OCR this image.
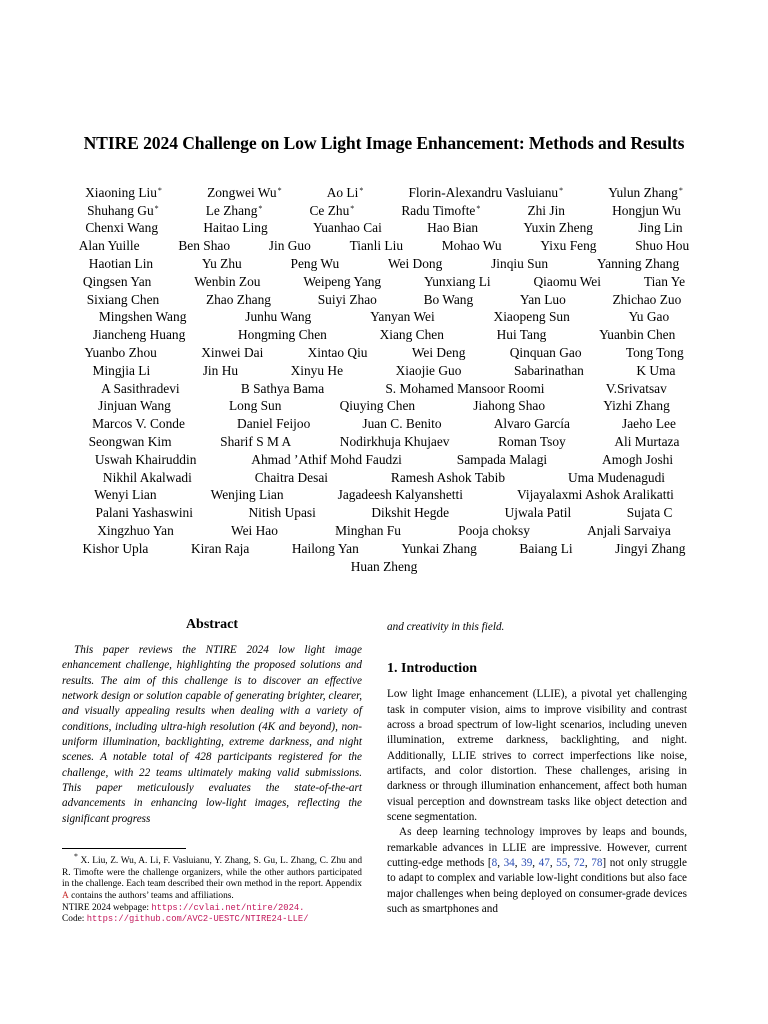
NTIRE 2024 Challenge on Low Light Image Enhancement: Methods and Results
Xiaoning Liu*	Zongwei Wu*	Ao Li*	Florin-Alexandru Vasluianu*	Yulun Zhang*
Shuhang Gu*	Le Zhang*	Ce Zhu*	Radu Timofte*	Zhi Jin	Hongjun Wu
Chenxi Wang	Haitao Ling	Yuanhao Cai	Hao Bian	Yuxin Zheng	Jing Lin
Alan Yuille	Ben Shao	Jin Guo	Tianli Liu	Mohao Wu	Yixu Feng	Shuo Hou
Haotian Lin	Yu Zhu	Peng Wu	Wei Dong	Jinqiu Sun	Yanning Zhang
Qingsen Yan	Wenbin Zou	Weipeng Yang	Yunxiang Li	Qiaomu Wei	Tian Ye
Sixiang Chen	Zhao Zhang	Suiyi Zhao	Bo Wang	Yan Luo	Zhichao Zuo
Mingshen Wang	Junhu Wang	Yanyan Wei	Xiaopeng Sun	Yu Gao
Jiancheng Huang	Hongming Chen	Xiang Chen	Hui Tang	Yuanbin Chen
Yuanbo Zhou	Xinwei Dai	Xintao Qiu	Wei Deng	Qinquan Gao	Tong Tong
Mingjia Li	Jin Hu	Xinyu He	Xiaojie Guo	Sabarinathan	K Uma
A Sasithradevi	B Sathya Bama	S. Mohamed Mansoor Roomi	V.Srivatsav
Jinjuan Wang	Long Sun	Qiuying Chen	Jiahong Shao	Yizhi Zhang
Marcos V. Conde	Daniel Feijoo	Juan C. Benito	Alvaro García	Jaeho Lee
Seongwan Kim	Sharif S M A	Nodirkhuja Khujaev	Roman Tsoy	Ali Murtaza
Uswah Khairuddin	Ahmad ’Athif Mohd Faudzi	Sampada Malagi	Amogh Joshi
Nikhil Akalwadi	Chaitra Desai	Ramesh Ashok Tabib	Uma Mudenagudi
Wenyi Lian	Wenjing Lian	Jagadeesh Kalyanshetti	Vijayalaxmi Ashok Aralikatti
Palani Yashaswini	Nitish Upasi	Dikshit Hegde	Ujwala Patil	Sujata C
Xingzhuo Yan	Wei Hao	Minghan Fu	Pooja choksy	Anjali Sarvaiya
Kishor Upla	Kiran Raja	Hailong Yan	Yunkai Zhang	Baiang Li	Jingyi Zhang
Huan Zheng
Abstract

This paper reviews the NTIRE 2024 low light image enhancement challenge, highlighting the proposed solutions and results. The aim of this challenge is to discover an effective network design or solution capable of generating brighter, clearer, and visually appealing results when dealing with a variety of conditions, including ultra-high resolution (4K and beyond), non-uniform illumination, backlighting, extreme darkness, and night scenes. A notable total of 428 participants registered for the challenge, with 22 teams ultimately making valid submissions. This paper meticulously evaluates the state-of-the-art advancements in enhancing low-light images, reflecting the significant progress

* X. Liu, Z. Wu, A. Li, F. Vasluianu, Y. Zhang, S. Gu, L. Zhang, C. Zhu and R. Timofte were the challenge organizers, while the other authors participated in the challenge. Each team described their own method in the report. Appendix A contains the authors’ teams and affiliations.

NTIRE 2024 webpage: https://cvlai.net/ntire/2024.

Code: https://github.com/AVC2-UESTC/NTIRE24-LLE/

and creativity in this field.

1. Introduction

Low light Image enhancement (LLIE), a pivotal yet challenging task in computer vision, aims to improve visibility and contrast across a broad spectrum of low-light scenarios, including uneven illumination, extreme darkness, backlighting, and night. Additionally, LLIE strives to correct imperfections like noise, artifacts, and color distortion. These challenges, arising in darkness or through illumination enhancement, affect both human visual perception and downstream tasks like object detection and scene segmentation.

As deep learning technology improves by leaps and bounds, remarkable advances in LLIE are impressive. However, current cutting-edge methods [8, 34, 39, 47, 55, 72, 78] not only struggle to adapt to complex and variable low-light conditions but also face major challenges when being deployed on consumer-grade devices such as smartphones and
